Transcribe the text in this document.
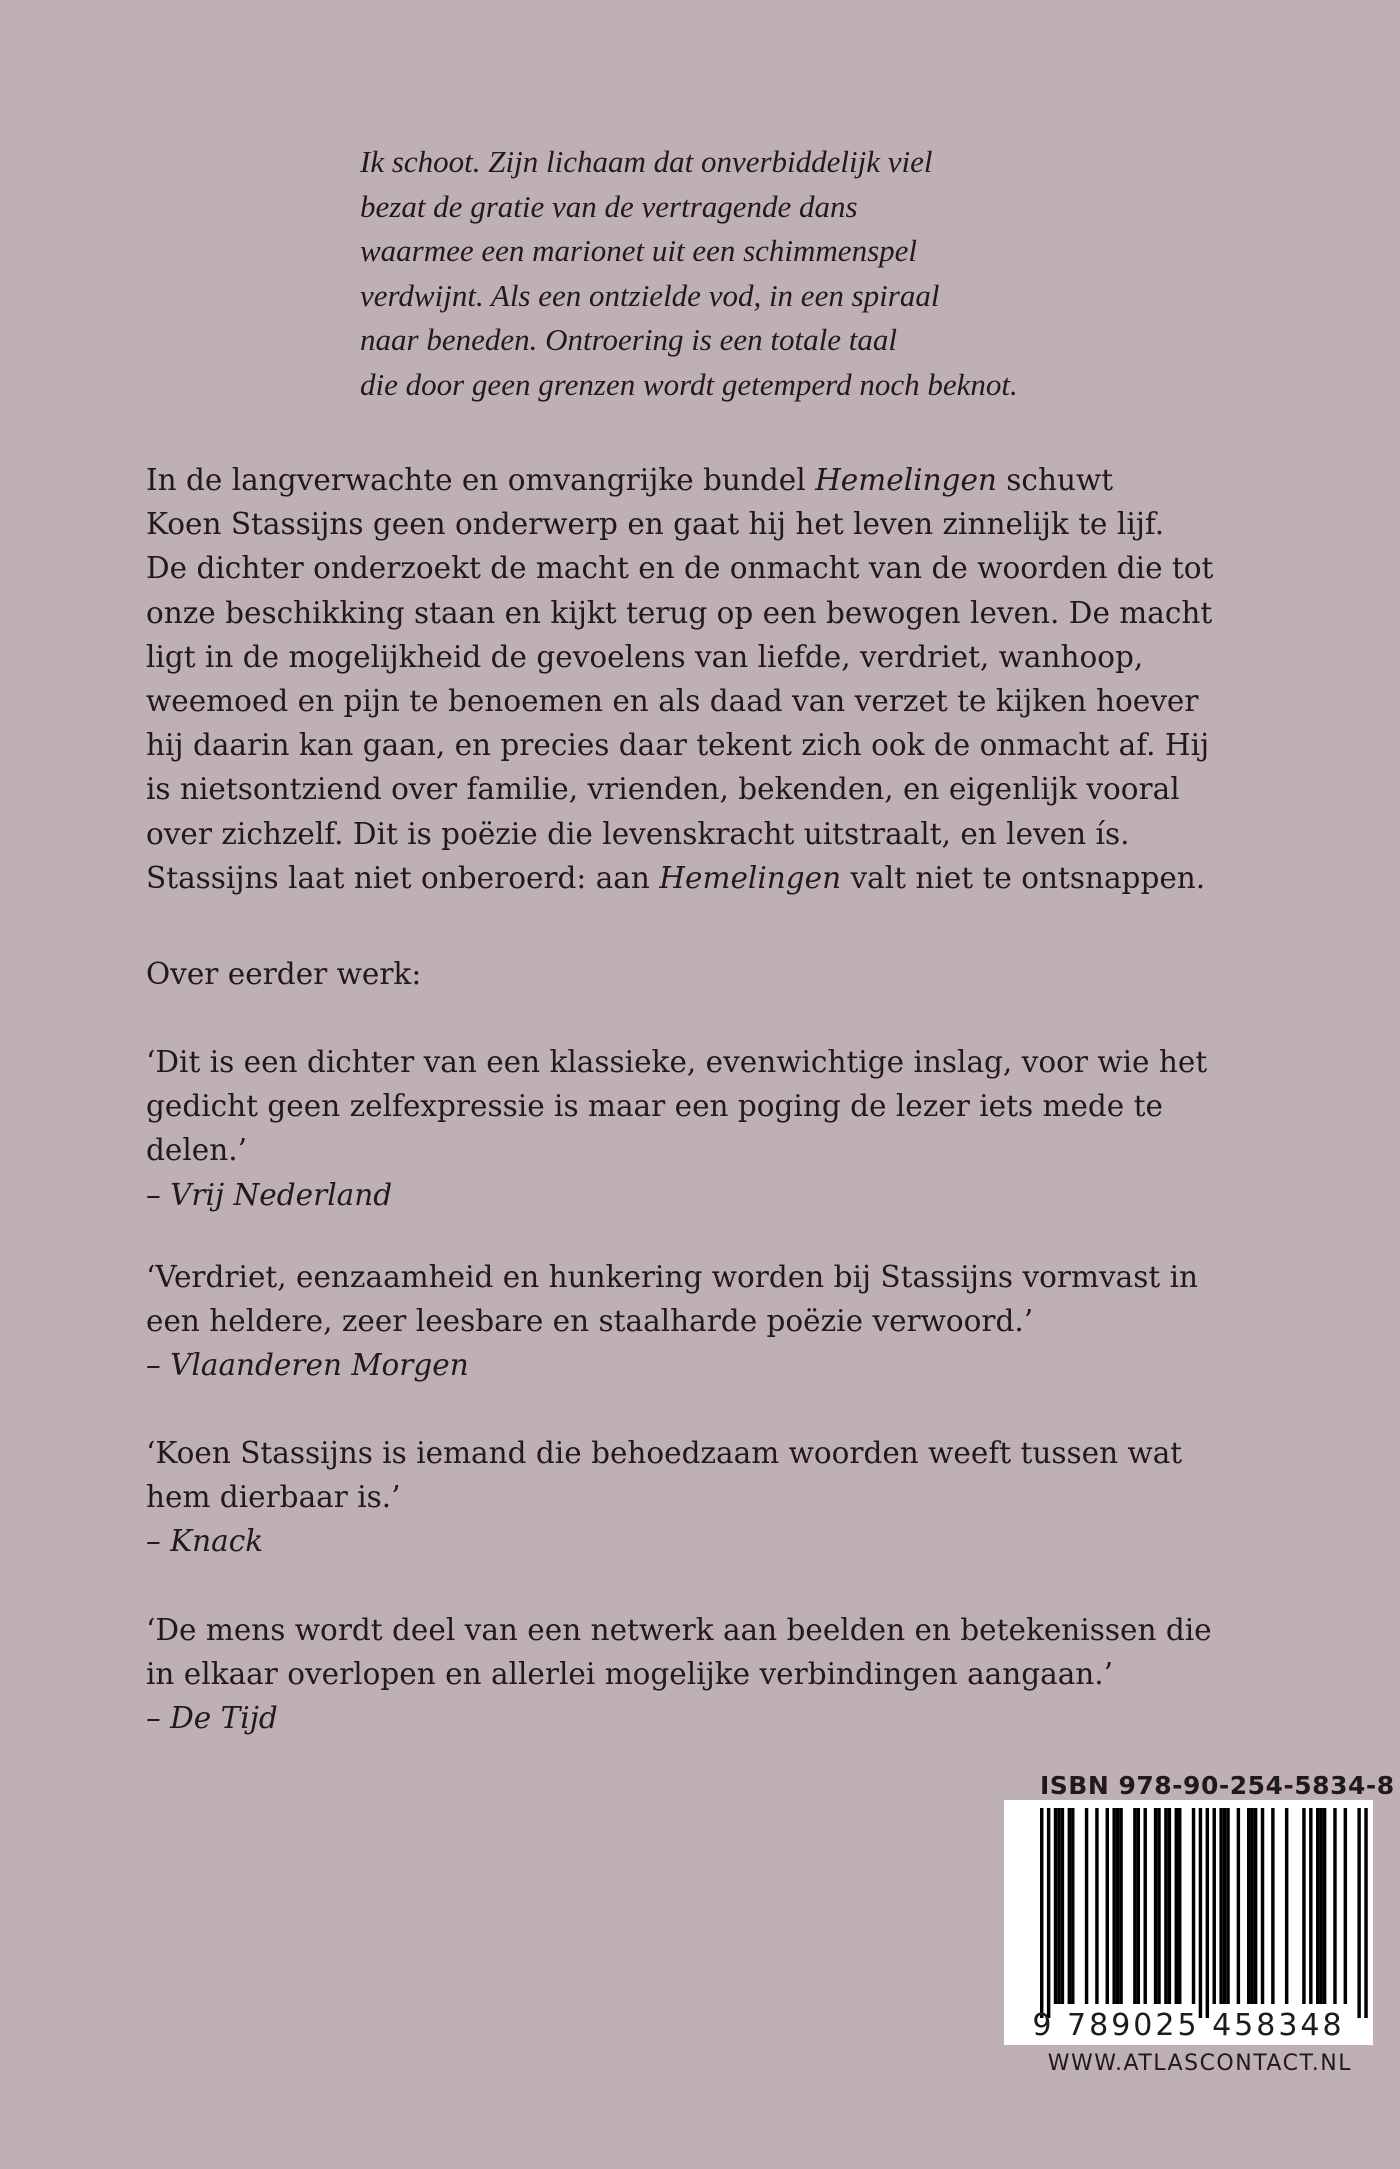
Ik schoot. Zijn lichaam dat onverbiddelijk viel
bezat de gratie van de vertragende dans
waarmee een marionet uit een schimmenspel
verdwijnt. Als een ontzielde vod, in een spiraal
naar beneden. Ontroering is een totale taal
die door geen grenzen wordt getemperd noch beknot.
In de langverwachte en omvangrijke bundel Hemelingen schuwt
Koen Stassijns geen onderwerp en gaat hij het leven zinnelijk te lijf.
De dichter onderzoekt de macht en de onmacht van de woorden die tot
onze beschikking staan en kijkt terug op een bewogen leven. De macht
ligt in de mogelijkheid de gevoelens van liefde, verdriet, wanhoop,
weemoed en pijn te benoemen en als daad van verzet te kijken hoever
hij daarin kan gaan, en precies daar tekent zich ook de onmacht af. Hij
is nietsontziend over familie, vrienden, bekenden, en eigenlijk vooral
over zichzelf. Dit is poëzie die levenskracht uitstraalt, en leven ís.
Stassijns laat niet onberoerd: aan Hemelingen valt niet te ontsnappen.
Over eerder werk:
‘Dit is een dichter van een klassieke, evenwichtige inslag, voor wie het
gedicht geen zelfexpressie is maar een poging de lezer iets mede te
delen.’
– Vrij Nederland
‘Verdriet, eenzaamheid en hunkering worden bij Stassijns vormvast in
een heldere, zeer leesbare en staalharde poëzie verwoord.’
– Vlaanderen Morgen
‘Koen Stassijns is iemand die behoedzaam woorden weeft tussen wat
hem dierbaar is.’
– Knack
‘De mens wordt deel van een netwerk aan beelden en betekenissen die
in elkaar overlopen en allerlei mogelijke verbindingen aangaan.’
– De Tijd
ISBN 978-90-254-5834-8
9 789025 458348
WWW.ATLASCONTACT.NL
